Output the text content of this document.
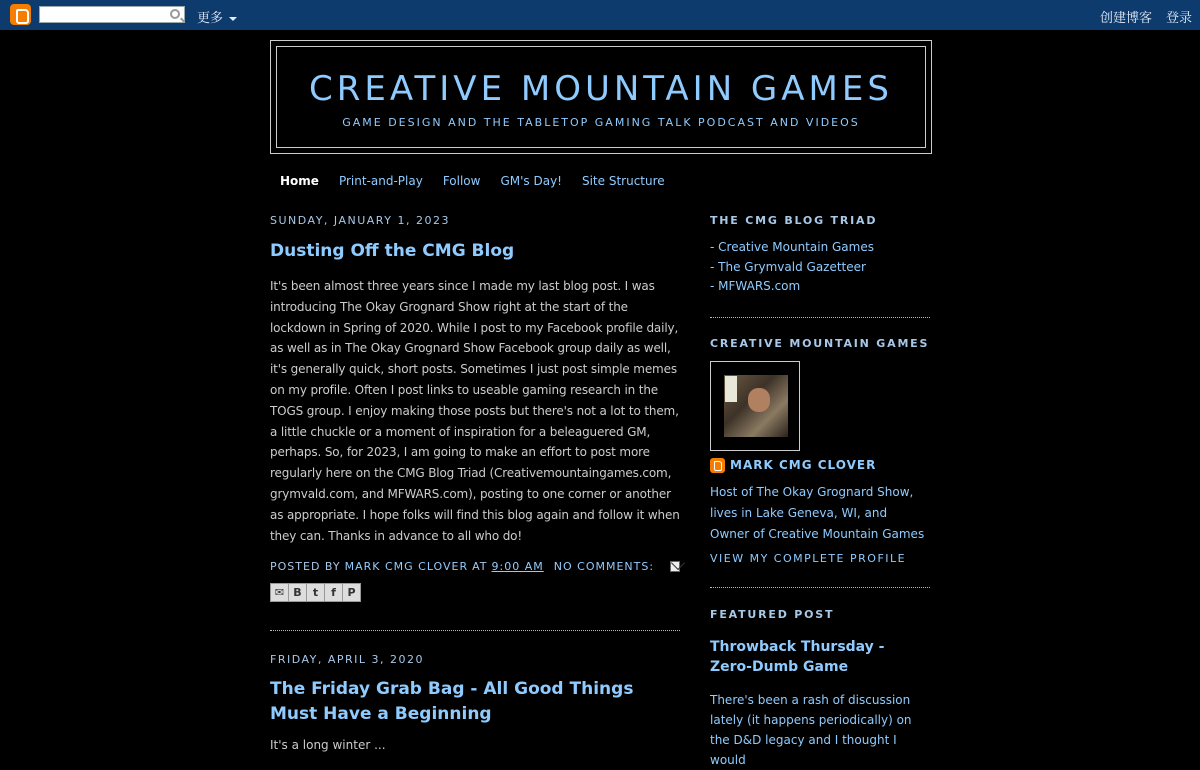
更多	创建博客 登录
CREATIVE MOUNTAIN GAMES
GAME DESIGN AND THE TABLETOP GAMING TALK PODCAST AND VIDEOS
Home Print-and-Play Follow GM's Day! Site Structure
SUNDAY, JANUARY 1, 2023
Dusting Off the CMG Blog
It's been almost three years since I made my last blog post. I was introducing The Okay Grognard Show right at the start of the lockdown in Spring of 2020. While I post to my Facebook profile daily, as well as in The Okay Grognard Show Facebook group daily as well, it's generally quick, short posts. Sometimes I just post simple memes on my profile. Often I post links to useable gaming research in the TOGS group. I enjoy making those posts but there's not a lot to them, a little chuckle or a moment of inspiration for a beleaguered GM, perhaps. So, for 2023, I am going to make an effort to post more regularly here on the CMG Blog Triad (Creativemountaingames.com, grymvald.com, and MFWARS.com), posting to one corner or another as appropriate. I hope folks will find this blog again and follow it when they can. Thanks in advance to all who do!
POSTED BY MARK CMG CLOVER AT 9:00 AM NO COMMENTS:
✉ B	t	f	P
FRIDAY, APRIL 3, 2020
The Friday Grab Bag - All Good Things Must Have a Beginning
It's a long winter ...
THE CMG BLOG TRIAD
- Creative Mountain Games
- The Grymvald Gazetteer
- MFWARS.com
CREATIVE MOUNTAIN GAMES
MARK CMG CLOVER
Host of The Okay Grognard Show, lives in Lake Geneva, WI, and Owner of Creative Mountain Games
VIEW MY COMPLETE PROFILE
FEATURED POST
Throwback Thursday - Zero-Dumb Game
There's been a rash of discussion lately (it happens periodically) on the D&D legacy and I thought I would
